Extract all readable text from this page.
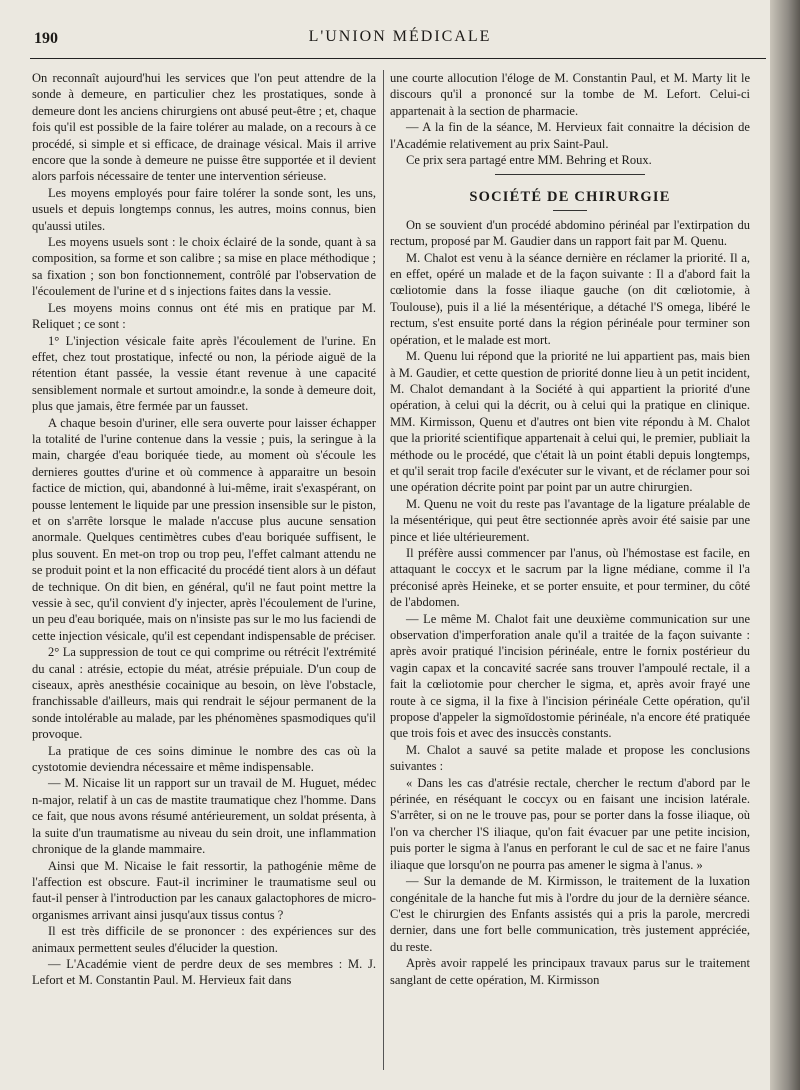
190	L'UNION MÉDICALE

On reconnaît aujourd'hui les services que l'on peut attendre de la sonde à demeure, en particulier chez les prostatiques, sonde à demeure dont les anciens chirurgiens ont abusé peut-être ; et, chaque fois qu'il est possible de la faire tolérer au malade, on a recours à ce procédé, si simple et si efficace, de drainage vésical. Mais il arrive encore que la sonde à demeure ne puisse être supportée et il devient alors parfois nécessaire de tenter une intervention sérieuse.

Les moyens employés pour faire tolérer la sonde sont, les uns, usuels et depuis longtemps connus, les autres, moins connus, bien qu'aussi utiles.

Les moyens usuels sont : le choix éclairé de la sonde, quant à sa composition, sa forme et son calibre ; sa mise en place méthodique ; sa fixation ; son bon fonctionnement, contrôlé par l'observation de l'écoulement de l'urine et d s injections faites dans la vessie.

Les moyens moins connus ont été mis en pratique par M. Reliquet ; ce sont :

1° L'injection vésicale faite après l'écoulement de l'urine. En effet, chez tout prostatique, infecté ou non, la période aiguë de la rétention étant passée, la vessie étant revenue à une capacité sensiblement normale et surtout amoindr.e, la sonde à demeure doit, plus que jamais, être fermée par un fausset.

A chaque besoin d'uriner, elle sera ouverte pour laisser échapper la totalité de l'urine contenue dans la vessie ; puis, la seringue à la main, chargée d'eau boriquée tiede, au moment où s'écoule les dernieres gouttes d'urine et où commence à apparaitre un besoin factice de miction, qui, abandonné à lui-même, irait s'exaspérant, on pousse lentement le liquide par une pression insensible sur le piston, et on s'arrête lorsque le malade n'accuse plus aucune sensation anormale. Quelques centimètres cubes d'eau boriquée suffisent, le plus souvent. En met-on trop ou trop peu, l'effet calmant attendu ne se produit point et la non efficacité du procédé tient alors à un défaut de technique. On dit bien, en général, qu'il ne faut point mettre la vessie à sec, qu'il convient d'y injecter, après l'écoulement de l'urine, un peu d'eau boriquée, mais on n'insiste pas sur le mo lus faciendi de cette injection vésicale, qu'il est cependant indispensable de préciser.

2° La suppression de tout ce qui comprime ou rétrécit l'extrémité du canal : atrésie, ectopie du méat, atrésie prépuiale. D'un coup de ciseaux, après anesthésie cocainique au besoin, on lève l'obstacle, franchissable d'ailleurs, mais qui rendrait le séjour permanent de la sonde intolérable au malade, par les phénomènes spasmodiques qu'il provoque.

La pratique de ces soins diminue le nombre des cas où la cystotomie deviendra nécessaire et même indispensable.

— M. Nicaise lit un rapport sur un travail de M. Huguet, médec n-major, relatif à un cas de mastite traumatique chez l'homme. Dans ce fait, que nous avons résumé antérieurement, un soldat présenta, à la suite d'un traumatisme au niveau du sein droit, une inflammation chronique de la glande mammaire.

Ainsi que M. Nicaise le fait ressortir, la pathogénie même de l'affection est obscure. Faut-il incriminer le traumatisme seul ou faut-il penser à l'introduction par les canaux galactophores de micro-organismes arrivant ainsi jusqu'aux tissus contus ?

Il est très difficile de se prononcer : des expériences sur des animaux permettent seules d'élucider la question.

— L'Académie vient de perdre deux de ses membres : M. J. Lefort et M. Constantin Paul. M. Hervieux fait dans

une courte allocution l'éloge de M. Constantin Paul, et M. Marty lit le discours qu'il a prononcé sur la tombe de M. Lefort. Celui-ci appartenait à la section de pharmacie.

— A la fin de la séance, M. Hervieux fait connaitre la décision de l'Académie relativement au prix Saint-Paul.

Ce prix sera partagé entre MM. Behring et Roux.

SOCIÉTÉ DE CHIRURGIE

On se souvient d'un procédé abdomino périnéal par l'extirpation du rectum, proposé par M. Gaudier dans un rapport fait par M. Quenu.

M. Chalot est venu à la séance dernière en réclamer la priorité. Il a, en effet, opéré un malade et de la façon suivante : Il a d'abord fait la cœliotomie dans la fosse iliaque gauche (on dit cœliotomie, à Toulouse), puis il a lié la mésentérique, a détaché l'S omega, libéré le rectum, s'est ensuite porté dans la région périnéale pour terminer son opération, et le malade est mort.

M. Quenu lui répond que la priorité ne lui appartient pas, mais bien à M. Gaudier, et cette question de priorité donne lieu à un petit incident, M. Chalot demandant à la Société à qui appartient la priorité d'une opération, à celui qui la décrit, ou à celui qui la pratique en clinique. MM. Kirmisson, Quenu et d'autres ont bien vite répondu à M. Chalot que la priorité scientifique appartenait à celui qui, le premier, publiait la méthode ou le procédé, que c'était là un point établi depuis longtemps, et qu'il serait trop facile d'exécuter sur le vivant, et de réclamer pour soi une opération décrite point par point par un autre chirurgien.

M. Quenu ne voit du reste pas l'avantage de la ligature préalable de la mésentérique, qui peut être sectionnée après avoir été saisie par une pince et liée ultérieurement.

Il préfère aussi commencer par l'anus, où l'hémostase est facile, en attaquant le coccyx et le sacrum par la ligne médiane, comme il l'a préconisé après Heineke, et se porter ensuite, et pour terminer, du côté de l'abdomen.

— Le même M. Chalot fait une deuxième communication sur une observation d'imperforation anale qu'il a traitée de la façon suivante : après avoir pratiqué l'incision périnéale, entre le fornix postérieur du vagin capax et la concavité sacrée sans trouver l'ampoulé rectale, il a fait la cœliotomie pour chercher le sigma, et, après avoir frayé une route à ce sigma, il la fixe à l'incision périnéale Cette opération, qu'il propose d'appeler la sigmoïdostomie périnéale, n'a encore été pratiquée que trois fois et avec des insuccès constants.

M. Chalot a sauvé sa petite malade et propose les conclusions suivantes :

« Dans les cas d'atrésie rectale, chercher le rectum d'abord par le périnée, en réséquant le coccyx ou en faisant une incision latérale. S'arrêter, si on ne le trouve pas, pour se porter dans la fosse iliaque, où l'on va chercher l'S iliaque, qu'on fait évacuer par une petite incision, puis porter le sigma à l'anus en perforant le cul de sac et ne faire l'anus iliaque que lorsqu'on ne pourra pas amener le sigma à l'anus. »

— Sur la demande de M. Kirmisson, le traitement de la luxation congénitale de la hanche fut mis à l'ordre du jour de la dernière séance. C'est le chirurgien des Enfants assistés qui a pris la parole, mercredi dernier, dans une fort belle communication, très justement appréciée, du reste.

Après avoir rappelé les principaux travaux parus sur le traitement sanglant de cette opération, M. Kirmisson
